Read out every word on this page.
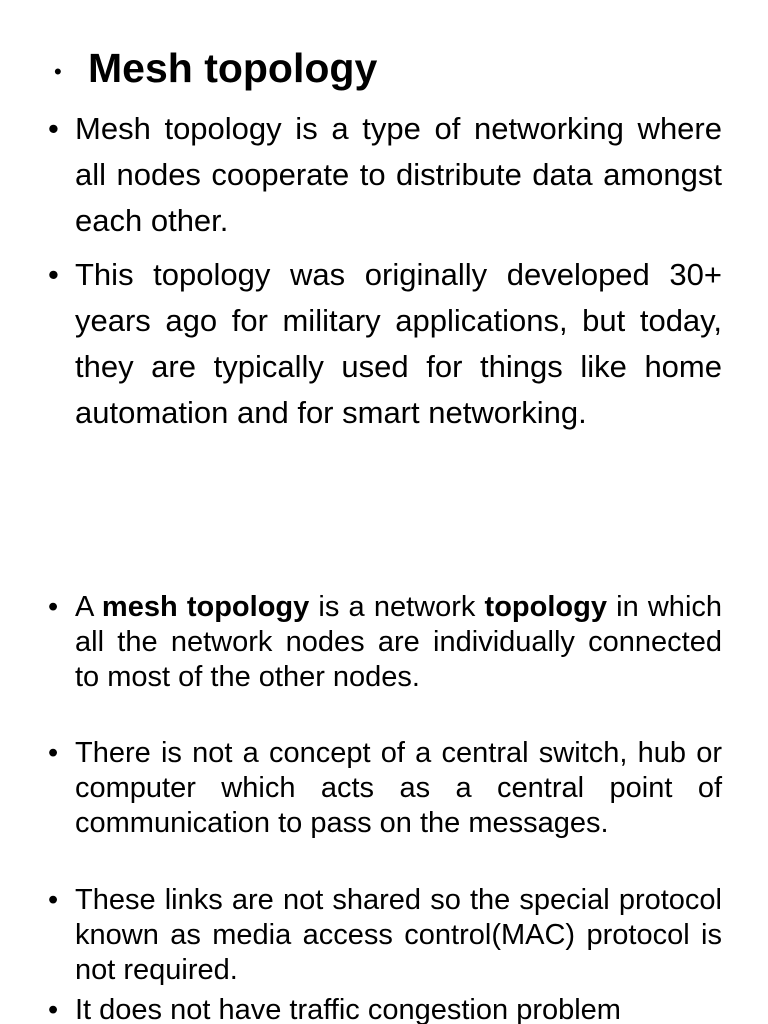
• Mesh topology
• Mesh topology is a type of networking where all nodes cooperate to distribute data amongst each other.
• This topology was originally developed 30+ years ago for military applications, but today, they are typically used for things like home automation and for smart networking.
• A mesh topology is a network topology in which all the network nodes are individually connected to most of the other nodes.
• There is not a concept of a central switch, hub or computer which acts as a central point of communication to pass on the messages.
• These links are not shared so the special protocol known as media access control(MAC) protocol is not required.
• It does not have traffic congestion problem
